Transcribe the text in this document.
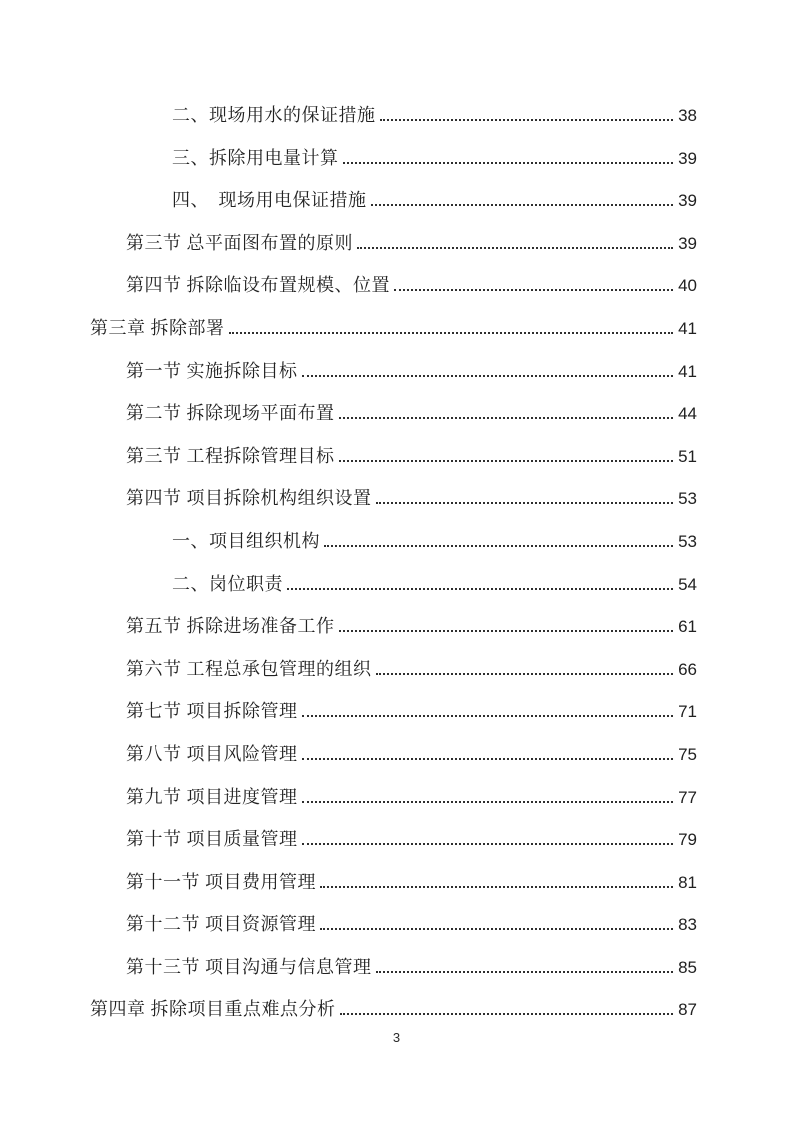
二、现场用水的保证措施	38
三、拆除用电量计算	39
四、　现场用电保证措施	39
第三节 总平面图布置的原则	39
第四节 拆除临设布置规模、位置	40
第三章 拆除部署	41
第一节 实施拆除目标	41
第二节 拆除现场平面布置	44
第三节 工程拆除管理目标	51
第四节 项目拆除机构组织设置	53
一、项目组织机构	53
二、岗位职责	54
第五节 拆除进场准备工作	61
第六节 工程总承包管理的组织	66
第七节 项目拆除管理	71
第八节 项目风险管理	75
第九节 项目进度管理	77
第十节 项目质量管理	79
第十一节 项目费用管理	81
第十二节 项目资源管理	83
第十三节 项目沟通与信息管理	85
第四章 拆除项目重点难点分析	87
3
